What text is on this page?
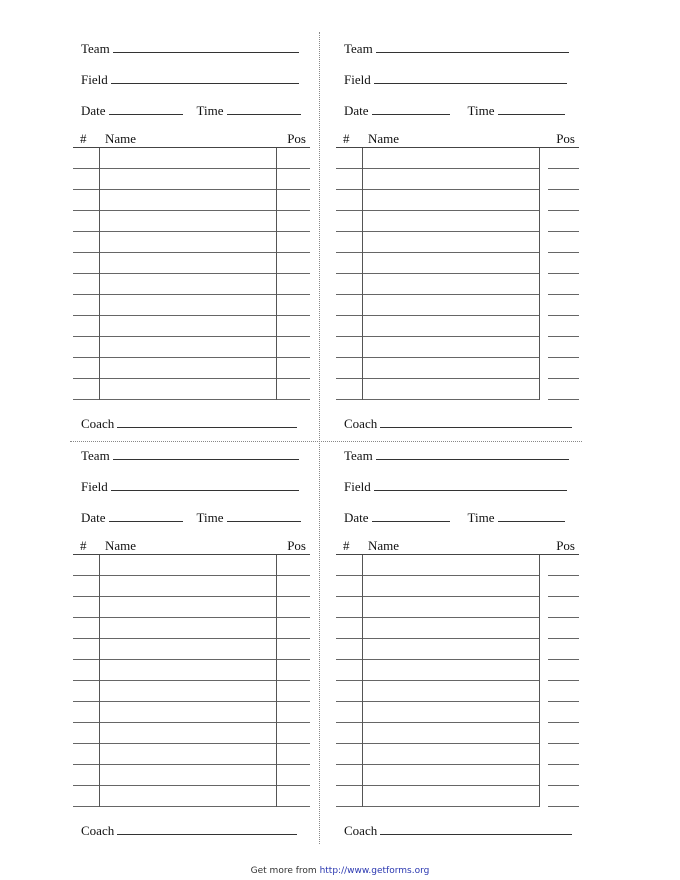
Team
Field
Date	Time
# Name	Pos
Coach
Team
Field
Date	Time
# Name	Pos
Coach
Team
Field
Date	Time
# Name	Pos
Coach
Team
Field
Date	Time
# Name	Pos
Coach
Get more from http://www.getforms.org
